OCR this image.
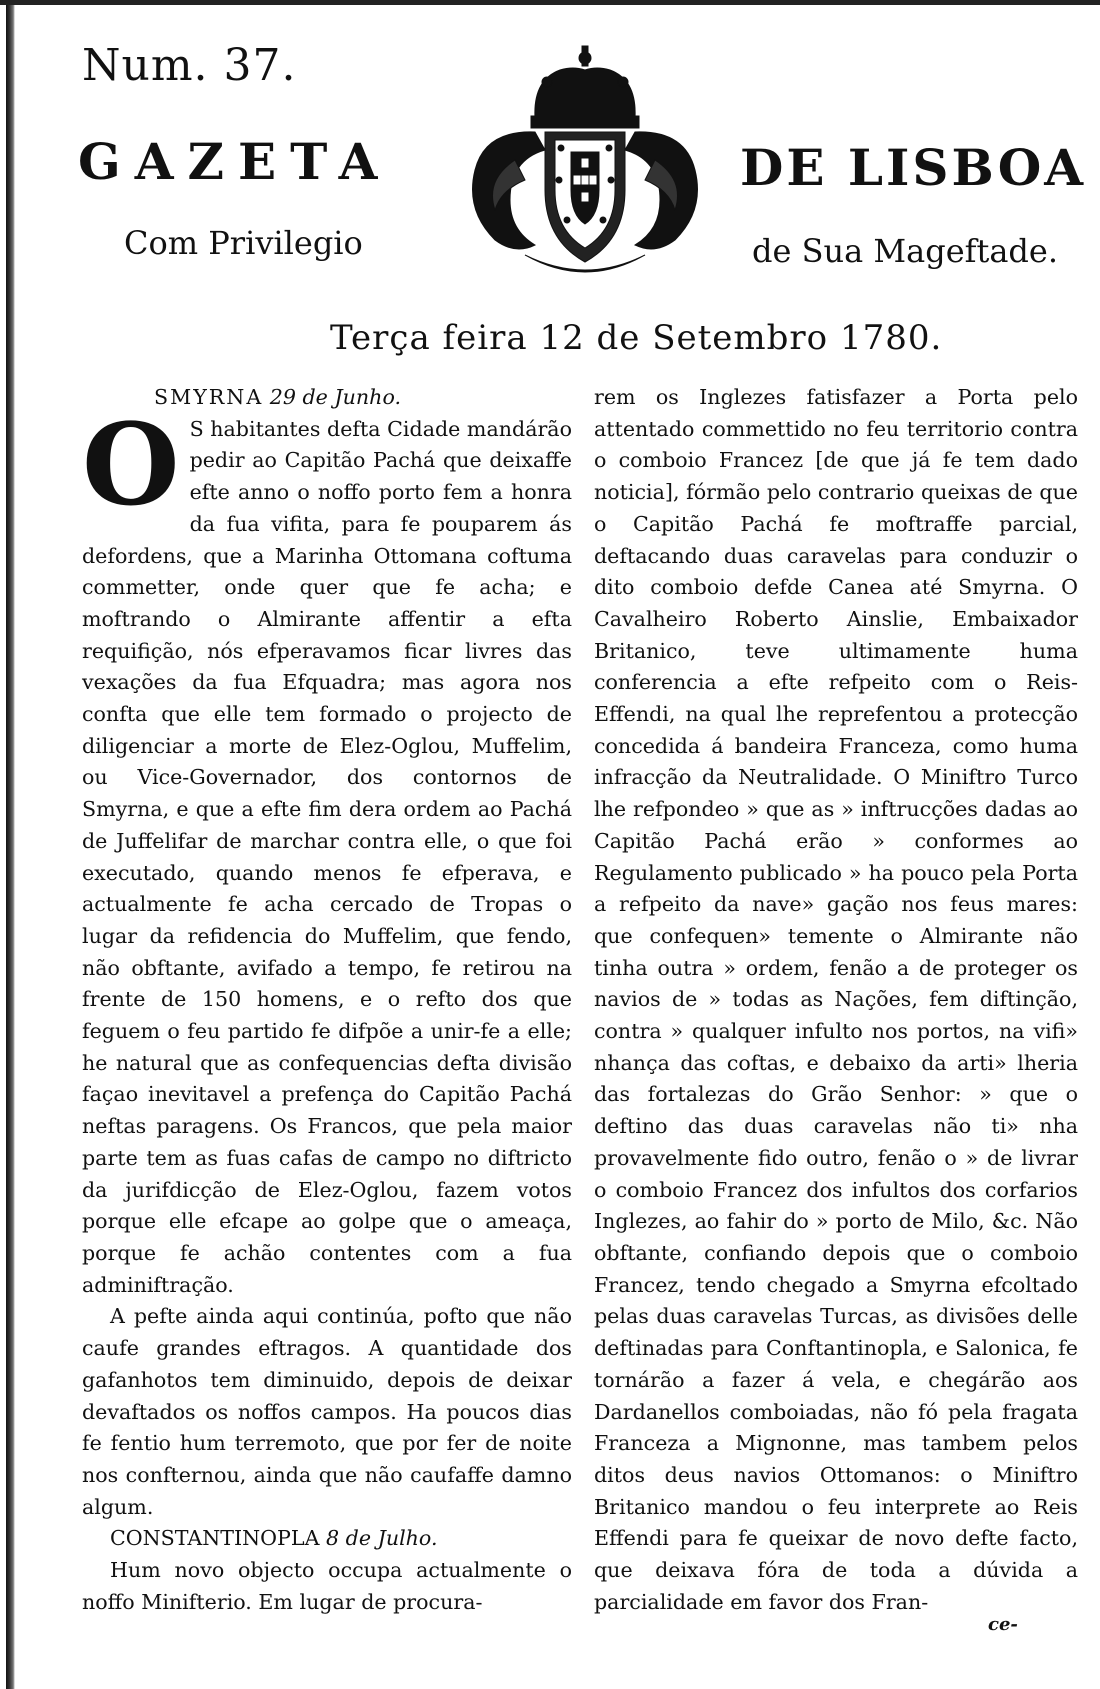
Num. 37.
GAZETA	DE LISBOA
Com Privilegio	de Sua Mageftade.
Terça feira 12 de Setembro 1780.

SMYRNA 29 de Junho.

O S habitantes defta Cidade mandárão pedir ao Capitão Pachá que deixaffe efte anno o noffo porto fem a honra da fua vifita, para fe pouparem ás defordens, que a Marinha Ottomana coftuma commetter, onde quer que fe acha; e moftrando o Almirante affentir a efta requifição, nós efperavamos ficar livres das vexações da fua Efquadra; mas agora nos confta que elle tem formado o projecto de diligenciar a morte de Elez-Oglou, Muffelim, ou Vice-Governador, dos contornos de Smyrna, e que a efte fim dera ordem ao Pachá de Juffelifar de marchar contra elle, o que foi executado, quando menos fe efperava, e actualmente fe acha cercado de Tropas o lugar da refidencia do Muffelim, que fendo, não obftante, avifado a tempo, fe retirou na frente de 150 homens, e o refto dos que feguem o feu partido fe difpõe a unir-fe a elle; he natural que as confequencias defta divisão façao inevitavel a prefença do Capitão Pachá neftas paragens. Os Francos, que pela maior parte tem as fuas cafas de campo no diftricto da jurifdicção de Elez-Oglou, fazem votos porque elle efcape ao golpe que o ameaça, porque fe achão contentes com a fua adminiftração.

A pefte ainda aqui continúa, pofto que não caufe grandes eftragos. A quantidade dos gafanhotos tem diminuido, depois de deixar devaftados os noffos campos. Ha poucos dias fe fentio hum terremoto, que por fer de noite nos confternou, ainda que não caufaffe damno algum.

CONSTANTINOPLA 8 de Julho.

Hum novo objecto occupa actualmente o noffo Minifterio. Em lugar de procura-

rem os Inglezes fatisfazer a Porta pelo attentado commettido no feu territorio contra o comboio Francez [de que já fe tem dado noticia], fórmão pelo contrario queixas de que o Capitão Pachá fe moftraffe parcial, deftacando duas caravelas para conduzir o dito comboio defde Canea até Smyrna. O Cavalheiro Roberto Ainslie, Embaixador Britanico, teve ultimamente huma conferencia a efte refpeito com o Reis-Effendi, na qual lhe reprefentou a protecção concedida á bandeira Franceza, como huma infracção da Neutralidade. O Miniftro Turco lhe refpondeo » que as » inftrucções dadas ao Capitão Pachá erão » conformes ao Regulamento publicado » ha pouco pela Porta a refpeito da nave» gação nos feus mares: que confequen» temente o Almirante não tinha outra » ordem, fenão a de proteger os navios de » todas as Nações, fem diftinção, contra » qualquer infulto nos portos, na vifi» nhança das coftas, e debaixo da arti» lheria das fortalezas do Grão Senhor: » que o deftino das duas caravelas não ti» nha provavelmente fido outro, fenão o » de livrar o comboio Francez dos infultos dos corfarios Inglezes, ao fahir do » porto de Milo, &c. Não obftante, confiando depois que o comboio Francez, tendo chegado a Smyrna efcoltado pelas duas caravelas Turcas, as divisões delle deftinadas para Conftantinopla, e Salonica, fe tornárão a fazer á vela, e chegárão aos Dardanellos comboiadas, não fó pela fragata Franceza a Mignonne, mas tambem pelos ditos deus navios Ottomanos: o Miniftro Britanico mandou o feu interprete ao Reis Effendi para fe queixar de novo defte facto, que deixava fóra de toda a dúvida a parcialidade em favor dos Fran-

ce-
